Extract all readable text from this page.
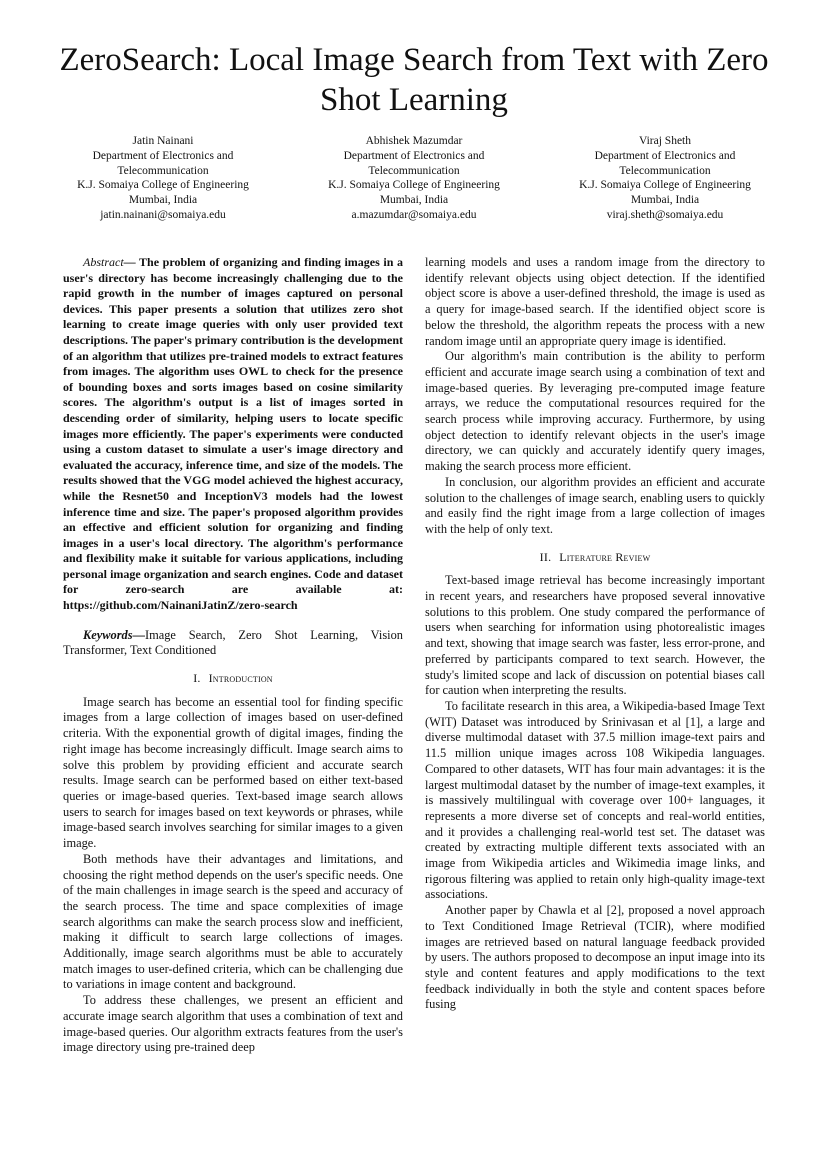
ZeroSearch: Local Image Search from Text with Zero Shot Learning
Jatin Nainani
Department of Electronics and
Telecommunication
K.J. Somaiya College of Engineering
Mumbai, India
jatin.nainani@somaiya.edu
Abhishek Mazumdar
Department of Electronics and
Telecommunication
K.J. Somaiya College of Engineering
Mumbai, India
a.mazumdar@somaiya.edu
Viraj Sheth
Department of Electronics and
Telecommunication
K.J. Somaiya College of Engineering
Mumbai, India
viraj.sheth@somaiya.edu

Abstract— The problem of organizing and finding images in a user's directory has become increasingly challenging due to the rapid growth in the number of images captured on personal devices. This paper presents a solution that utilizes zero shot learning to create image queries with only user provided text descriptions. The paper's primary contribution is the development of an algorithm that utilizes pre-trained models to extract features from images. The algorithm uses OWL to check for the presence of bounding boxes and sorts images based on cosine similarity scores. The algorithm's output is a list of images sorted in descending order of similarity, helping users to locate specific images more efficiently. The paper's experiments were conducted using a custom dataset to simulate a user's image directory and evaluated the accuracy, inference time, and size of the models. The results showed that the VGG model achieved the highest accuracy, while the Resnet50 and InceptionV3 models had the lowest inference time and size. The paper's proposed algorithm provides an effective and efficient solution for organizing and finding images in a user's local directory. The algorithm's performance and flexibility make it suitable for various applications, including personal image organization and search engines. Code and dataset for zero-search are available at: https://github.com/NainaniJatinZ/zero-search

Keywords—Image Search, Zero Shot Learning, Vision Transformer, Text Conditioned

I. Introduction

Image search has become an essential tool for finding specific images from a large collection of images based on user-defined criteria. With the exponential growth of digital images, finding the right image has become increasingly difficult. Image search aims to solve this problem by providing efficient and accurate search results. Image search can be performed based on either text-based queries or image-based queries. Text-based image search allows users to search for images based on text keywords or phrases, while image-based search involves searching for similar images to a given image.

Both methods have their advantages and limitations, and choosing the right method depends on the user's specific needs. One of the main challenges in image search is the speed and accuracy of the search process. The time and space complexities of image search algorithms can make the search process slow and inefficient, making it difficult to search large collections of images. Additionally, image search algorithms must be able to accurately match images to user-defined criteria, which can be challenging due to variations in image content and background.

To address these challenges, we present an efficient and accurate image search algorithm that uses a combination of text and image-based queries. Our algorithm extracts features from the user's image directory using pre-trained deep

learning models and uses a random image from the directory to identify relevant objects using object detection. If the identified object score is above a user-defined threshold, the image is used as a query for image-based search. If the identified object score is below the threshold, the algorithm repeats the process with a new random image until an appropriate query image is identified.

Our algorithm's main contribution is the ability to perform efficient and accurate image search using a combination of text and image-based queries. By leveraging pre-computed image feature arrays, we reduce the computational resources required for the search process while improving accuracy. Furthermore, by using object detection to identify relevant objects in the user's image directory, we can quickly and accurately identify query images, making the search process more efficient.

In conclusion, our algorithm provides an efficient and accurate solution to the challenges of image search, enabling users to quickly and easily find the right image from a large collection of images with the help of only text.

II. Literature Review

Text-based image retrieval has become increasingly important in recent years, and researchers have proposed several innovative solutions to this problem. One study compared the performance of users when searching for information using photorealistic images and text, showing that image search was faster, less error-prone, and preferred by participants compared to text search. However, the study's limited scope and lack of discussion on potential biases call for caution when interpreting the results.

To facilitate research in this area, a Wikipedia-based Image Text (WIT) Dataset was introduced by Srinivasan et al [1], a large and diverse multimodal dataset with 37.5 million image-text pairs and 11.5 million unique images across 108 Wikipedia languages. Compared to other datasets, WIT has four main advantages: it is the largest multimodal dataset by the number of image-text examples, it is massively multilingual with coverage over 100+ languages, it represents a more diverse set of concepts and real-world entities, and it provides a challenging real-world test set. The dataset was created by extracting multiple different texts associated with an image from Wikipedia articles and Wikimedia image links, and rigorous filtering was applied to retain only high-quality image-text associations.

Another paper by Chawla et al [2], proposed a novel approach to Text Conditioned Image Retrieval (TCIR), where modified images are retrieved based on natural language feedback provided by users. The authors proposed to decompose an input image into its style and content features and apply modifications to the text feedback individually in both the style and content spaces before fusing
